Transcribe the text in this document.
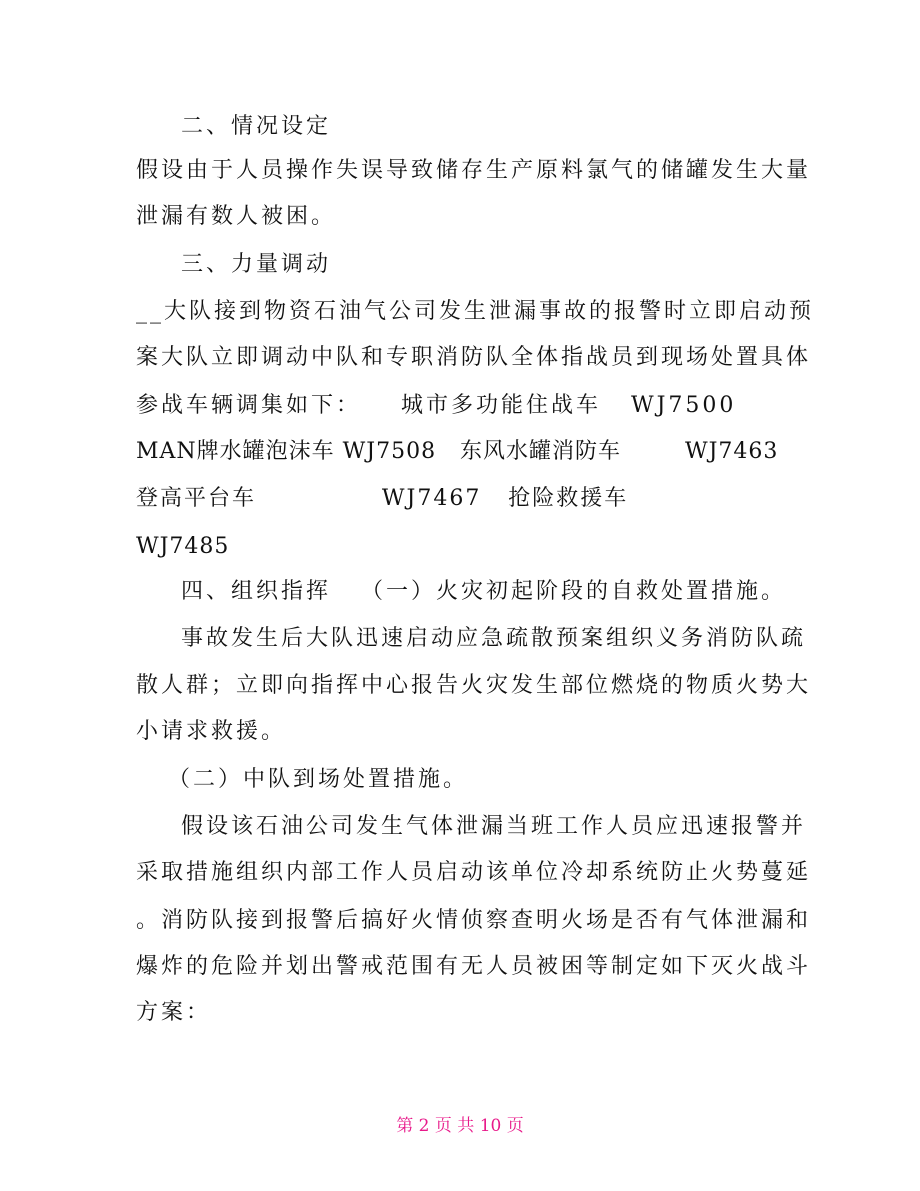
二、情况设定
假设由于人员操作失误导致储存生产原料氯气的储罐发生大量
泄漏有数人被困。
三、力量调动
__大队接到物资石油气公司发生泄漏事故的报警时立即启动预
案大队立即调动中队和专职消防队全体指战员到现场处置具体
参战车辆调集如下：    城市多功能住战车   WJ7500
MAN牌水罐泡沫车 WJ7508   东风水罐消防车        WJ7463
登高平台车              WJ7467   抢险救援车
WJ7485
四、组织指挥   （一）火灾初起阶段的自救处置措施。
事故发生后大队迅速启动应急疏散预案组织义务消防队疏
散人群；立即向指挥中心报告火灾发生部位燃烧的物质火势大
小请求救援。
（二）中队到场处置措施。
假设该石油公司发生气体泄漏当班工作人员应迅速报警并
采取措施组织内部工作人员启动该单位冷却系统防止火势蔓延
。消防队接到报警后搞好火情侦察查明火场是否有气体泄漏和
爆炸的危险并划出警戒范围有无人员被困等制定如下灭火战斗
方案：
第 2 页 共 10 页
